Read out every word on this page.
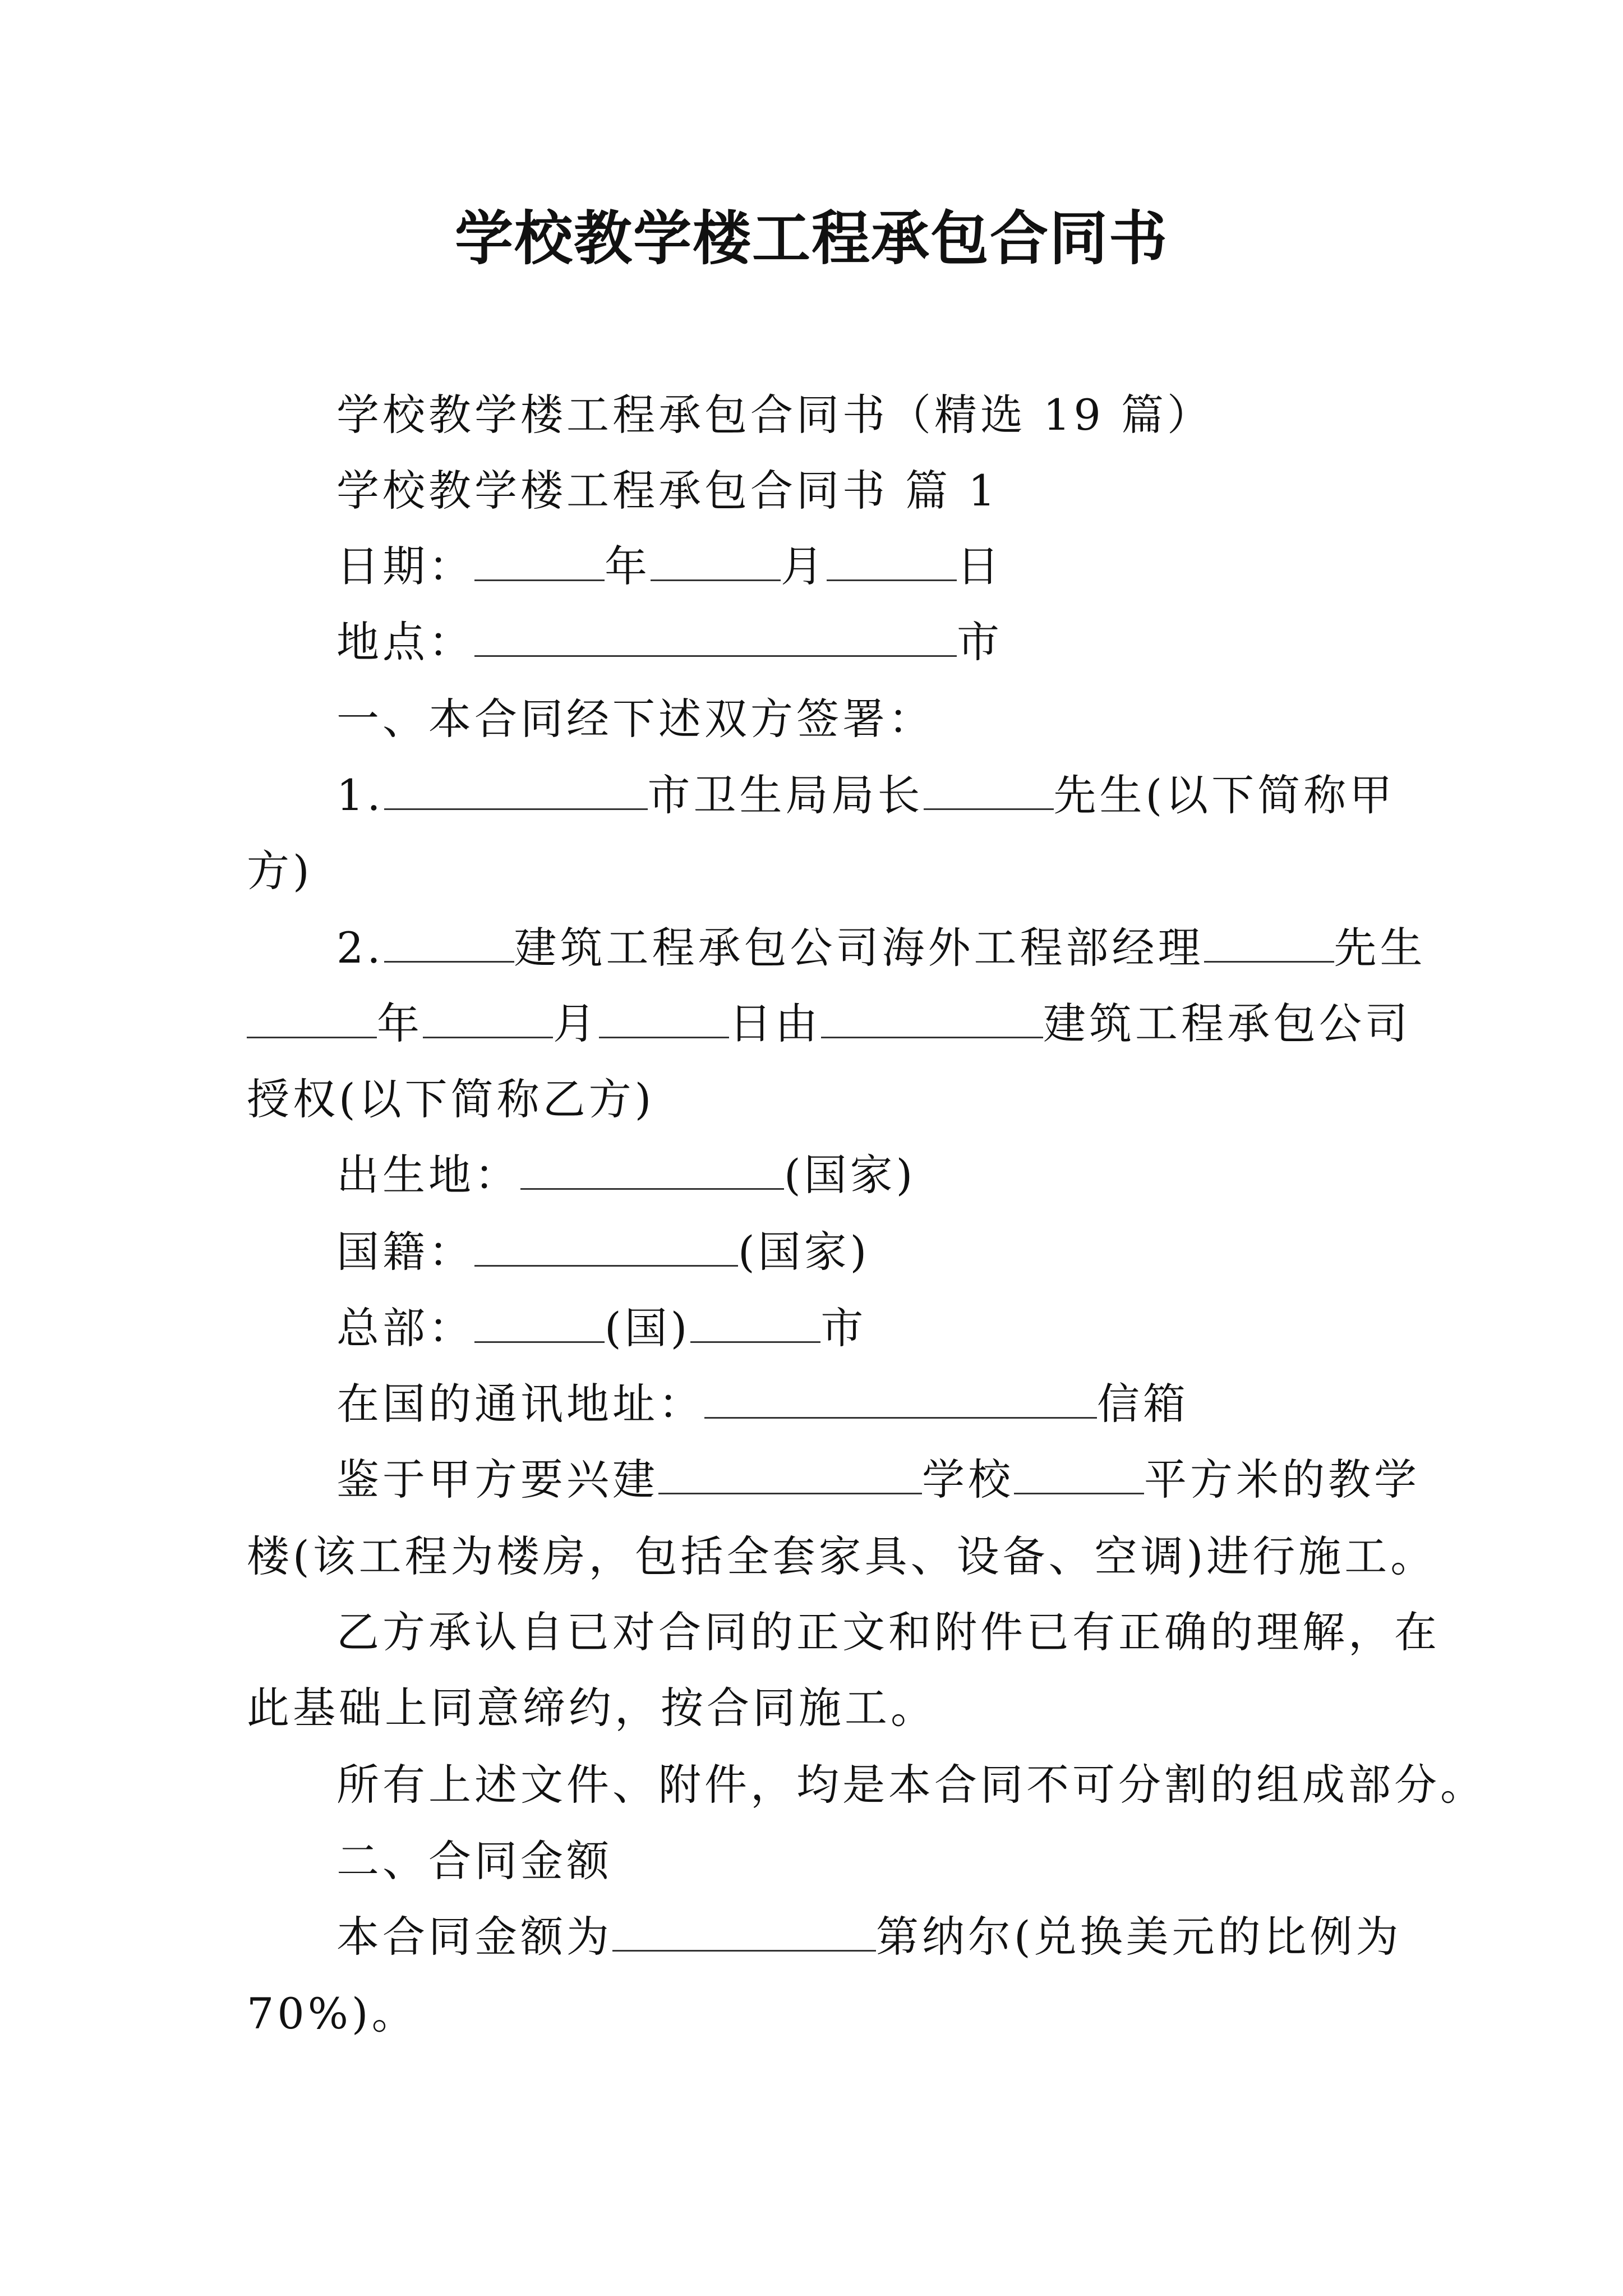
学校教学楼工程承包合同书
学校教学楼工程承包合同书（精选 19 篇）
学校教学楼工程承包合同书 篇 1
日期：	年	月	日
地点：	市
一、本合同经下述双方签署：
1.	市卫生局局长	先生(以下简称甲
方)
2.	建筑工程承包公司海外工程部经理	先生
年	月	日由	建筑工程承包公司
授权(以下简称乙方)
出生地：	(国家)
国籍：	(国家)
总部：	(国)	市
在国的通讯地址：	信箱
鉴于甲方要兴建	学校	平方米的教学
楼(该工程为楼房，包括全套家具、设备、空调)进行施工。
乙方承认自已对合同的正文和附件已有正确的理解，在
此基础上同意缔约，按合同施工。
所有上述文件、附件，均是本合同不可分割的组成部分。
二、合同金额
本合同金额为	第纳尔(兑换美元的比例为
70%)。
